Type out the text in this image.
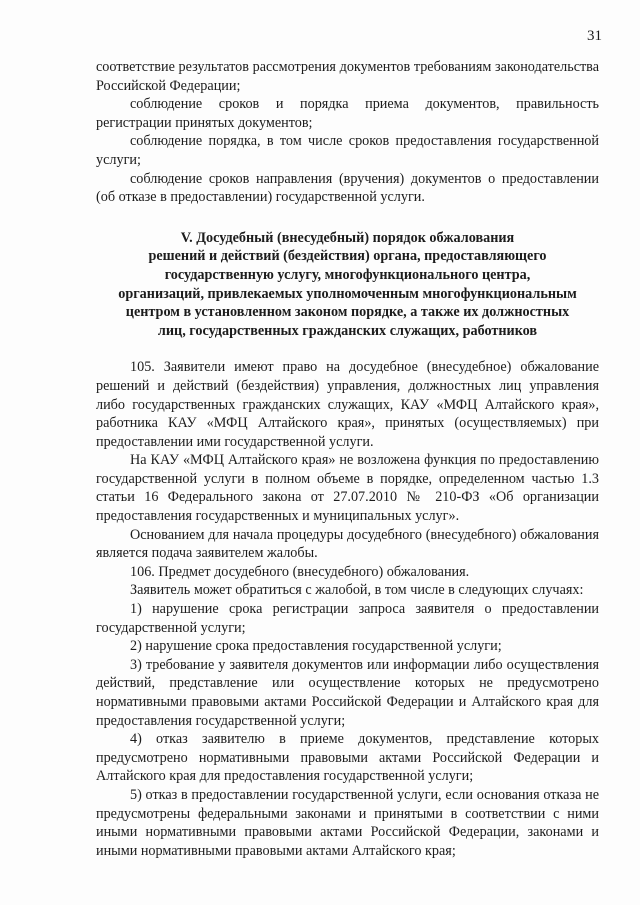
31

соответствие результатов рассмотрения документов требованиям законодательства Российской Федерации;

соблюдение сроков и порядка приема документов, правильность регистрации принятых документов;

соблюдение порядка, в том числе сроков предоставления государственной услуги;

соблюдение сроков направления (вручения) документов о предоставлении (об отказе в предоставлении) государственной услуги.

V. Досудебный (внесудебный) порядок обжалования
решений и действий (бездействия) органа, предоставляющего
государственную услугу, многофункционального центра,
организаций, привлекаемых уполномоченным многофункциональным
центром в установленном законом порядке, а также их должностных
лиц, государственных гражданских служащих, работников

105. Заявители имеют право на досудебное (внесудебное) обжалование решений и действий (бездействия) управления, должностных лиц управления либо государственных гражданских служащих, КАУ «МФЦ Алтайского края», работника КАУ «МФЦ Алтайского края», принятых (осуществляемых) при предоставлении ими государственной услуги.

На КАУ «МФЦ Алтайского края» не возложена функция по предоставлению государственной услуги в полном объеме в порядке, определенном частью 1.3 статьи 16 Федерального закона от 27.07.2010 № 210-ФЗ «Об организации предоставления государственных и муниципальных услуг».

Основанием для начала процедуры досудебного (внесудебного) обжалования является подача заявителем жалобы.

106. Предмет досудебного (внесудебного) обжалования.

Заявитель может обратиться с жалобой, в том числе в следующих случаях:

1) нарушение срока регистрации запроса заявителя о предоставлении государственной услуги;

2) нарушение срока предоставления государственной услуги;

3) требование у заявителя документов или информации либо осуществления действий, представление или осуществление которых не предусмотрено нормативными правовыми актами Российской Федерации и Алтайского края для предоставления государственной услуги;

4) отказ заявителю в приеме документов, представление которых предусмотрено нормативными правовыми актами Российской Федерации и Алтайского края для предоставления государственной услуги;

5) отказ в предоставлении государственной услуги, если основания отказа не предусмотрены федеральными законами и принятыми в соответствии с ними иными нормативными правовыми актами Российской Федерации, законами и иными нормативными правовыми актами Алтайского края;
